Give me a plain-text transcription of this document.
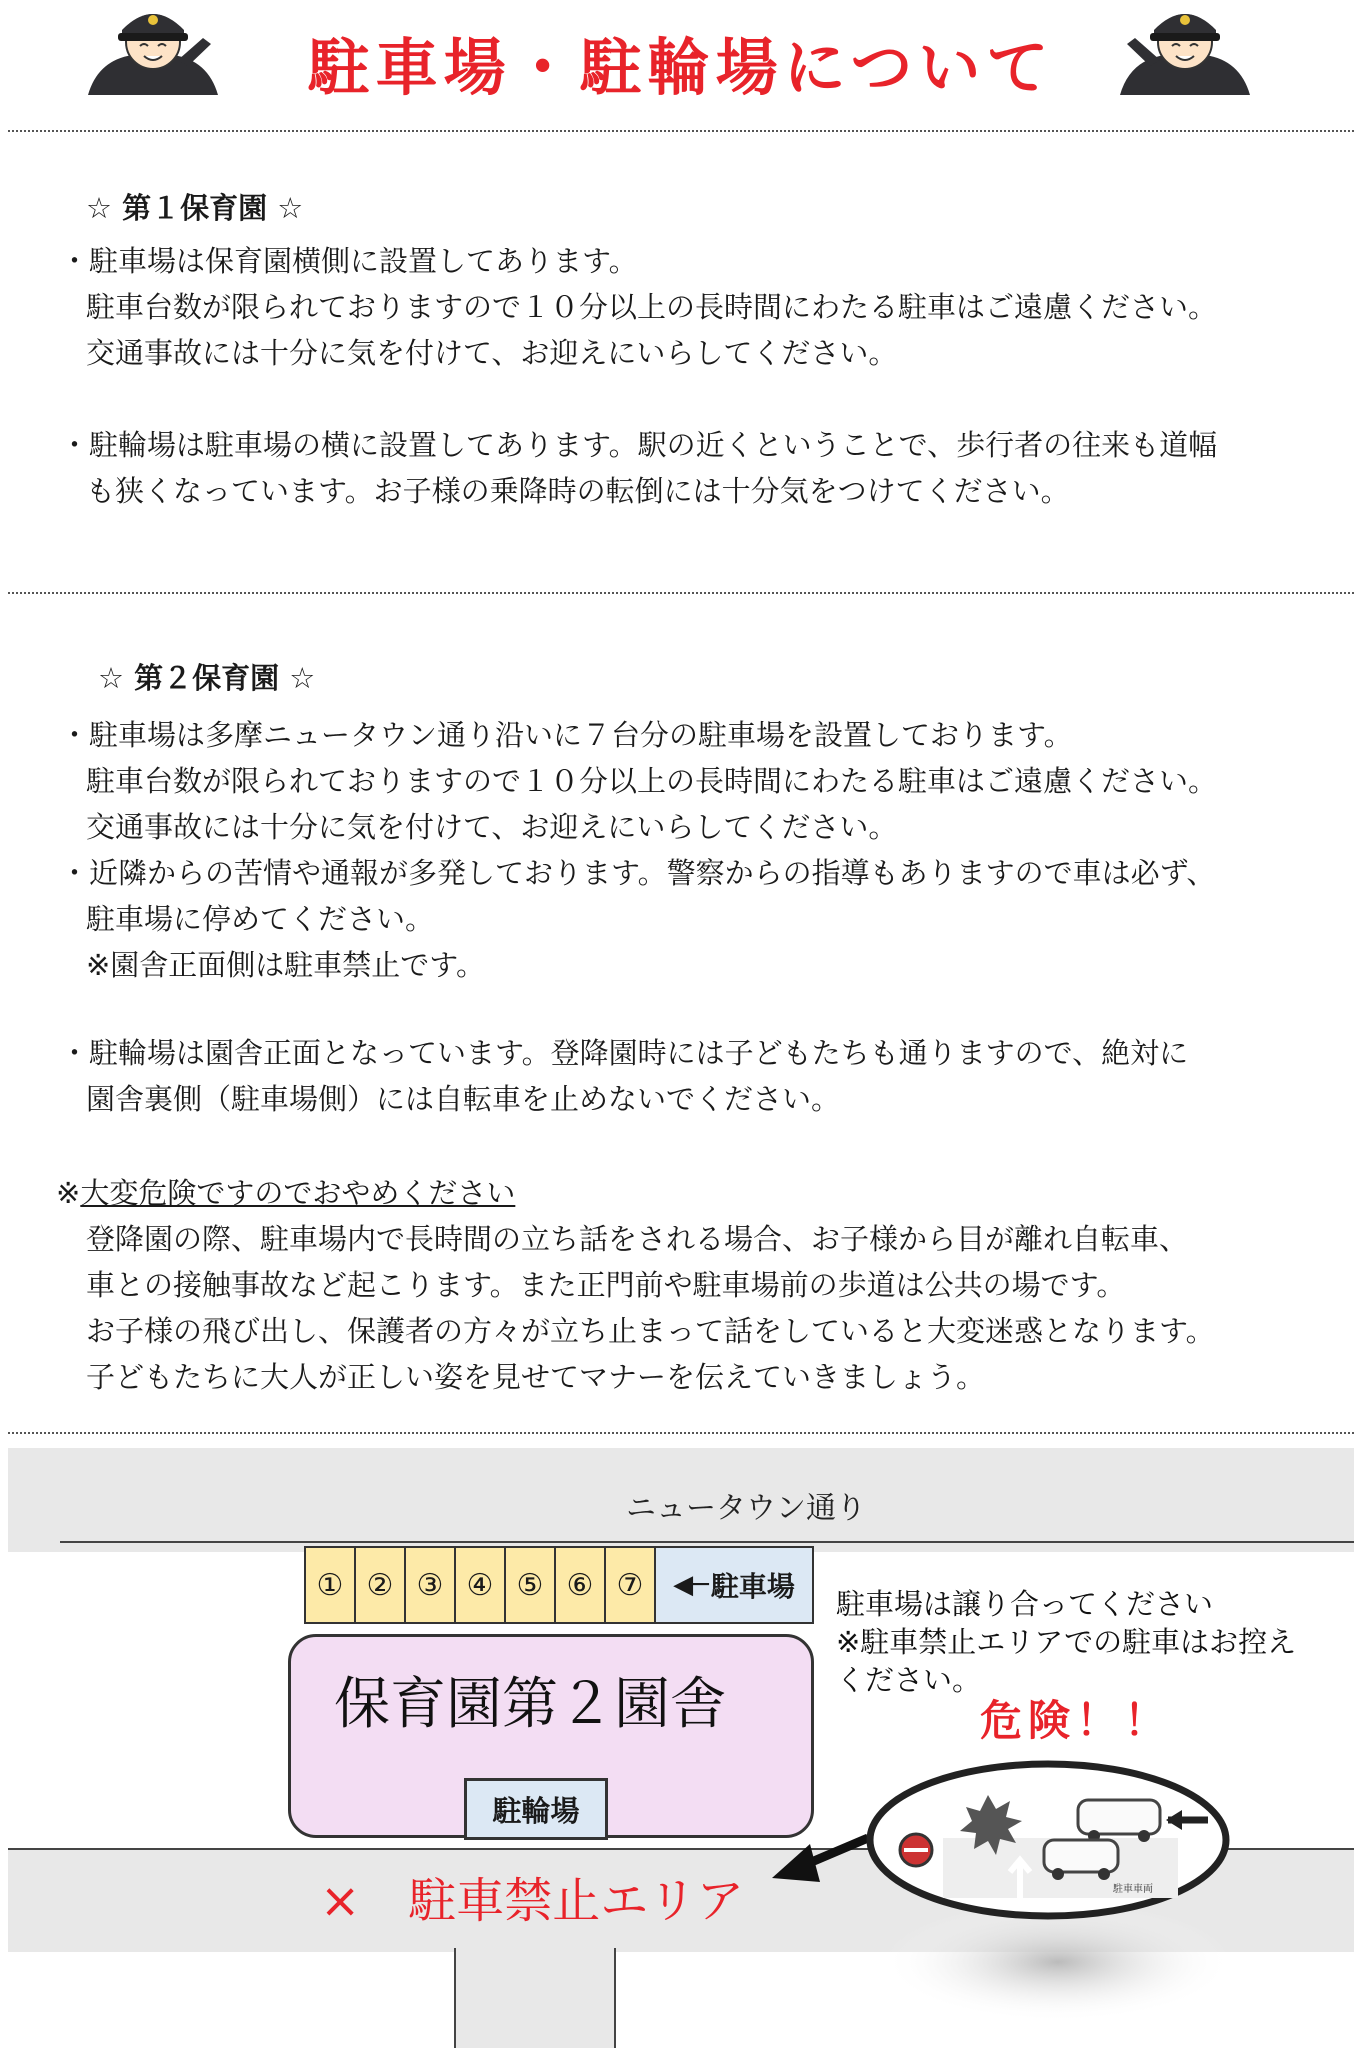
駐車場・駐輪場について
☆ 第１保育園 ☆
・駐車場は保育園横側に設置してあります。
駐車台数が限られておりますので１０分以上の長時間にわたる駐車はご遠慮ください。
交通事故には十分に気を付けて、お迎えにいらしてください。
・駐輪場は駐車場の横に設置してあります。駅の近くということで、歩行者の往来も道幅
も狭くなっています。お子様の乗降時の転倒には十分気をつけてください。
☆ 第２保育園 ☆
・駐車場は多摩ニュータウン通り沿いに７台分の駐車場を設置しております。
駐車台数が限られておりますので１０分以上の長時間にわたる駐車はご遠慮ください。
交通事故には十分に気を付けて、お迎えにいらしてください。
・近隣からの苦情や通報が多発しております。警察からの指導もありますので車は必ず、
駐車場に停めてください。
※園舎正面側は駐車禁止です。
・駐輪場は園舎正面となっています。登降園時には子どもたちも通りますので、絶対に
園舎裏側（駐車場側）には自転車を止めないでください。
※大変危険ですのでおやめください
登降園の際、駐車場内で長時間の立ち話をされる場合、お子様から目が離れ自転車、
車との接触事故など起こります。また正門前や駐車場前の歩道は公共の場です。
お子様の飛び出し、保護者の方々が立ち止まって話をしていると大変迷惑となります。
子どもたちに大人が正しい姿を見せてマナーを伝えていきましょう。
ニュータウン通り
① ② ③ ④ ⑤ ⑥ ⑦	◀─ 駐車場
保育園第２園舎
駐輪場
×　駐車禁止エリア
駐車場は譲り合ってください
※駐車禁止エリアでの駐車はお控え
ください。
危険！！
駐車車両
